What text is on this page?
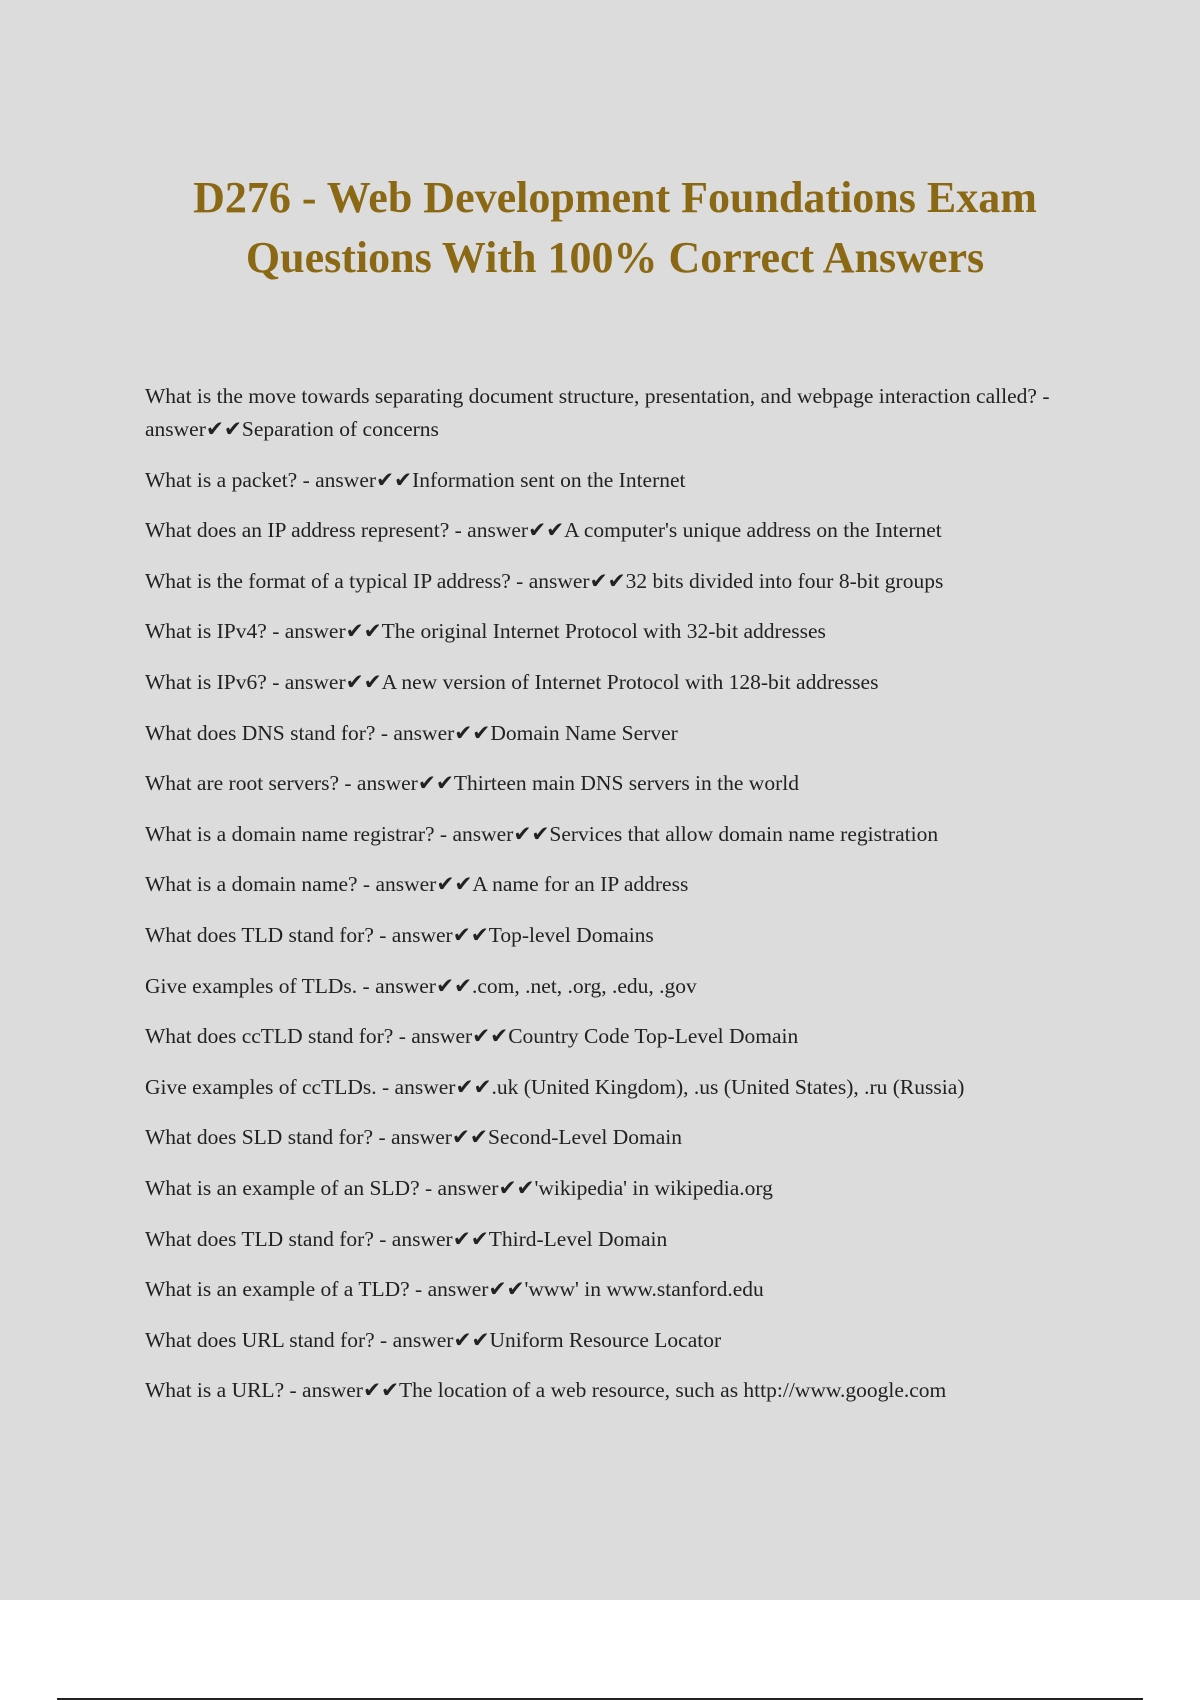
D276 - Web Development Foundations Exam Questions With 100% Correct Answers
What is the move towards separating document structure, presentation, and webpage interaction called? - answer✔✔Separation of concerns
What is a packet? - answer✔✔Information sent on the Internet
What does an IP address represent? - answer✔✔A computer's unique address on the Internet
What is the format of a typical IP address? - answer✔✔32 bits divided into four 8-bit groups
What is IPv4? - answer✔✔The original Internet Protocol with 32-bit addresses
What is IPv6? - answer✔✔A new version of Internet Protocol with 128-bit addresses
What does DNS stand for? - answer✔✔Domain Name Server
What are root servers? - answer✔✔Thirteen main DNS servers in the world
What is a domain name registrar? - answer✔✔Services that allow domain name registration
What is a domain name? - answer✔✔A name for an IP address
What does TLD stand for? - answer✔✔Top-level Domains
Give examples of TLDs. - answer✔✔.com, .net, .org, .edu, .gov
What does ccTLD stand for? - answer✔✔Country Code Top-Level Domain
Give examples of ccTLDs. - answer✔✔.uk (United Kingdom), .us (United States), .ru (Russia)
What does SLD stand for? - answer✔✔Second-Level Domain
What is an example of an SLD? - answer✔✔'wikipedia' in wikipedia.org
What does TLD stand for? - answer✔✔Third-Level Domain
What is an example of a TLD? - answer✔✔'www' in www.stanford.edu
What does URL stand for? - answer✔✔Uniform Resource Locator
What is a URL? - answer✔✔The location of a web resource, such as http://www.google.com
